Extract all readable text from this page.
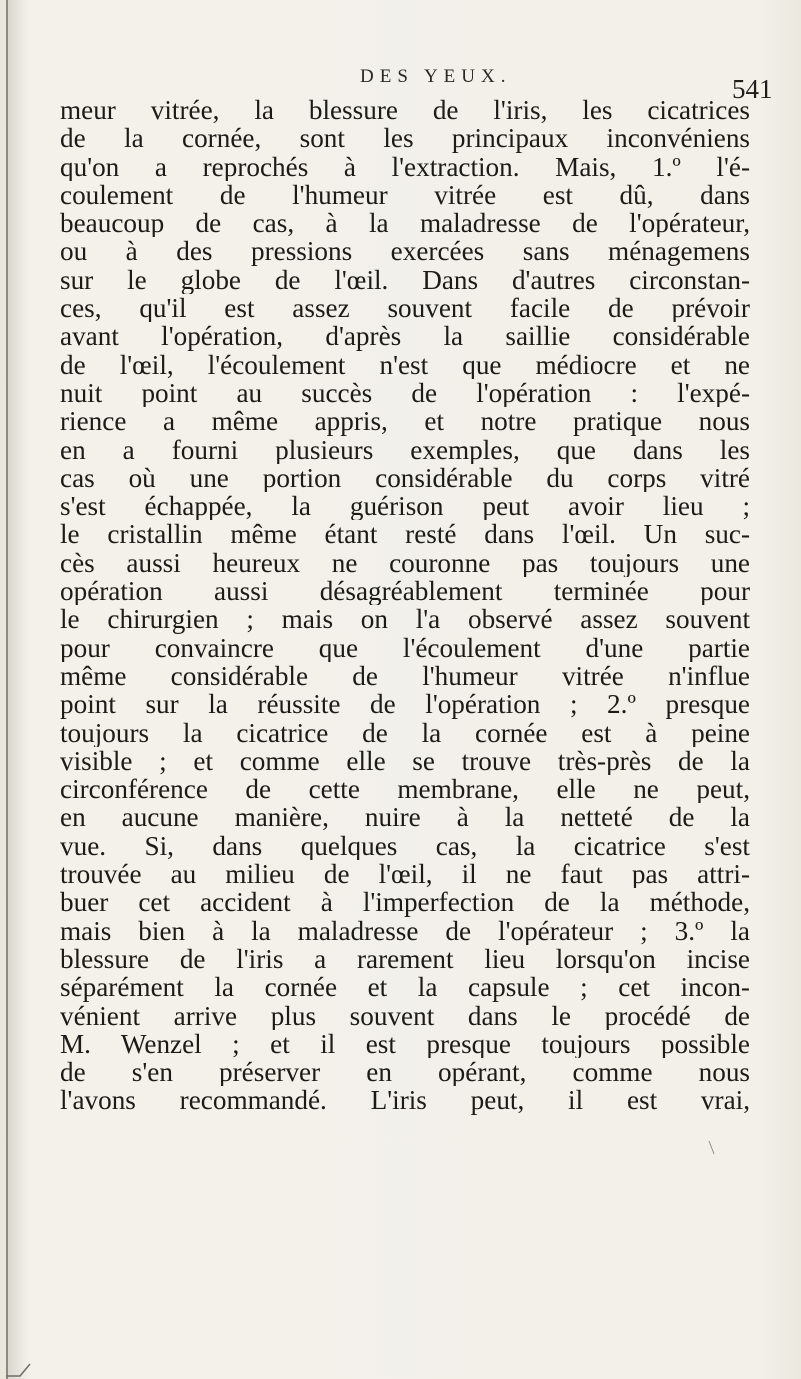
DES YEUX.	541
meur vitrée, la blessure de l'iris, les cicatrices
de la cornée, sont les principaux inconvéniens
qu'on a reprochés à l'extraction. Mais, 1.º l'é-
coulement de l'humeur vitrée est dû, dans
beaucoup de cas, à la maladresse de l'opérateur,
ou à des pressions exercées sans ménagemens
sur le globe de l'œil. Dans d'autres circonstan-
ces, qu'il est assez souvent facile de prévoir
avant l'opération, d'après la saillie considérable
de l'œil, l'écoulement n'est que médiocre et ne
nuit point au succès de l'opération : l'expé-
rience a même appris, et notre pratique nous
en a fourni plusieurs exemples, que dans les
cas où une portion considérable du corps vitré
s'est échappée, la guérison peut avoir lieu ;
le cristallin même étant resté dans l'œil. Un suc-
cès aussi heureux ne couronne pas toujours une
opération aussi désagréablement terminée pour
le chirurgien ; mais on l'a observé assez souvent
pour convaincre que l'écoulement d'une partie
même considérable de l'humeur vitrée n'influe
point sur la réussite de l'opération ; 2.º presque
toujours la cicatrice de la cornée est à peine
visible ; et comme elle se trouve très-près de la
circonférence de cette membrane, elle ne peut,
en aucune manière, nuire à la netteté de la
vue. Si, dans quelques cas, la cicatrice s'est
trouvée au milieu de l'œil, il ne faut pas attri-
buer cet accident à l'imperfection de la méthode,
mais bien à la maladresse de l'opérateur ; 3.º la
blessure de l'iris a rarement lieu lorsqu'on incise
séparément la cornée et la capsule ; cet incon-
vénient arrive plus souvent dans le procédé de
M. Wenzel ; et il est presque toujours possible
de s'en préserver en opérant, comme nous
l'avons recommandé. L'iris peut, il est vrai,
